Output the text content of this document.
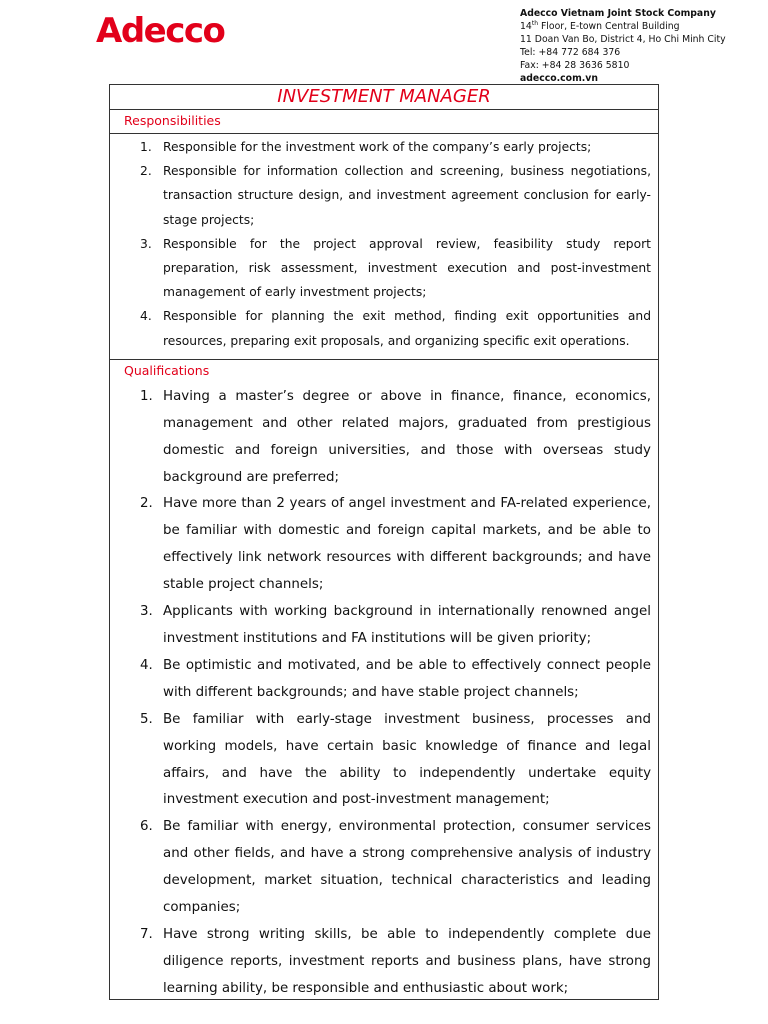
Adecco	Adecco Vietnam Joint Stock Company
14th Floor, E-town Central Building
11 Doan Van Bo, District 4, Ho Chi Minh City
Tel: +84 772 684 376
Fax: +84 28 3636 5810
adecco.com.vn
INVESTMENT MANAGER
Responsibilities
1. Responsible for the investment work of the company’s early projects;
2. Responsible for information collection and screening, business negotiations, transaction structure design, and investment agreement conclusion for early-stage projects;
3. Responsible for the project approval review, feasibility study report preparation, risk assessment, investment execution and post-investment management of early investment projects;
4. Responsible for planning the exit method, finding exit opportunities and resources, preparing exit proposals, and organizing specific exit operations.
Qualifications
1. Having a master’s degree or above in finance, finance, economics, management and other related majors, graduated from prestigious domestic and foreign universities, and those with overseas study background are preferred;
2. Have more than 2 years of angel investment and FA-related experience, be familiar with domestic and foreign capital markets, and be able to effectively link network resources with different backgrounds; and have stable project channels;
3. Applicants with working background in internationally renowned angel investment institutions and FA institutions will be given priority;
4. Be optimistic and motivated, and be able to effectively connect people with different backgrounds; and have stable project channels;
5. Be familiar with early-stage investment business, processes and working models, have certain basic knowledge of finance and legal affairs, and have the ability to independently undertake equity investment execution and post-investment management;
6. Be familiar with energy, environmental protection, consumer services and other fields, and have a strong comprehensive analysis of industry development, market situation, technical characteristics and leading companies;
7. Have strong writing skills, be able to independently complete due diligence reports, investment reports and business plans, have strong learning ability, be responsible and enthusiastic about work;
